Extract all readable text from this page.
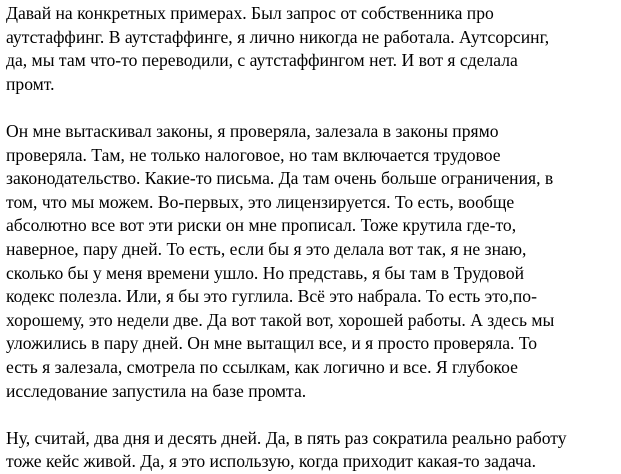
Давай на конкретных примерах. Был запрос от собственника про
аутстаффинг. В аутстаффинге, я лично никогда не работала. Аутсорсинг,
да, мы там что-то переводили, с аутстаффингом нет. И вот я сделала
промт.

Он мне вытаскивал законы, я проверяла, залезала в законы прямо
проверяла. Там, не только налоговое, но там включается трудовое
законодательство. Какие-то письма. Да там очень больше ограничения, в
том, что мы можем. Во-первых, это лицензируется. То есть, вообще
абсолютно все вот эти риски он мне прописал. Тоже крутила где-то,
наверное, пару дней. То есть, если бы я это делала вот так, я не знаю,
сколько бы у меня времени ушло. Но представь, я бы там в Трудовой
кодекс полезла. Или, я бы это гуглила. Всё это набрала. То есть это,по-
хорошему, это недели две. Да вот такой вот, хорошей работы. А здесь мы
уложились в пару дней. Он мне вытащил все, и я просто проверяла. То
есть я залезала, смотрела по ссылкам, как логично и все. Я глубокое
исследование запустила на базе промта.

Ну, считай, два дня и десять дней. Да, в пять раз сократила реально работу
тоже кейс живой. Да, я это использую, когда приходит какая-то задача.
